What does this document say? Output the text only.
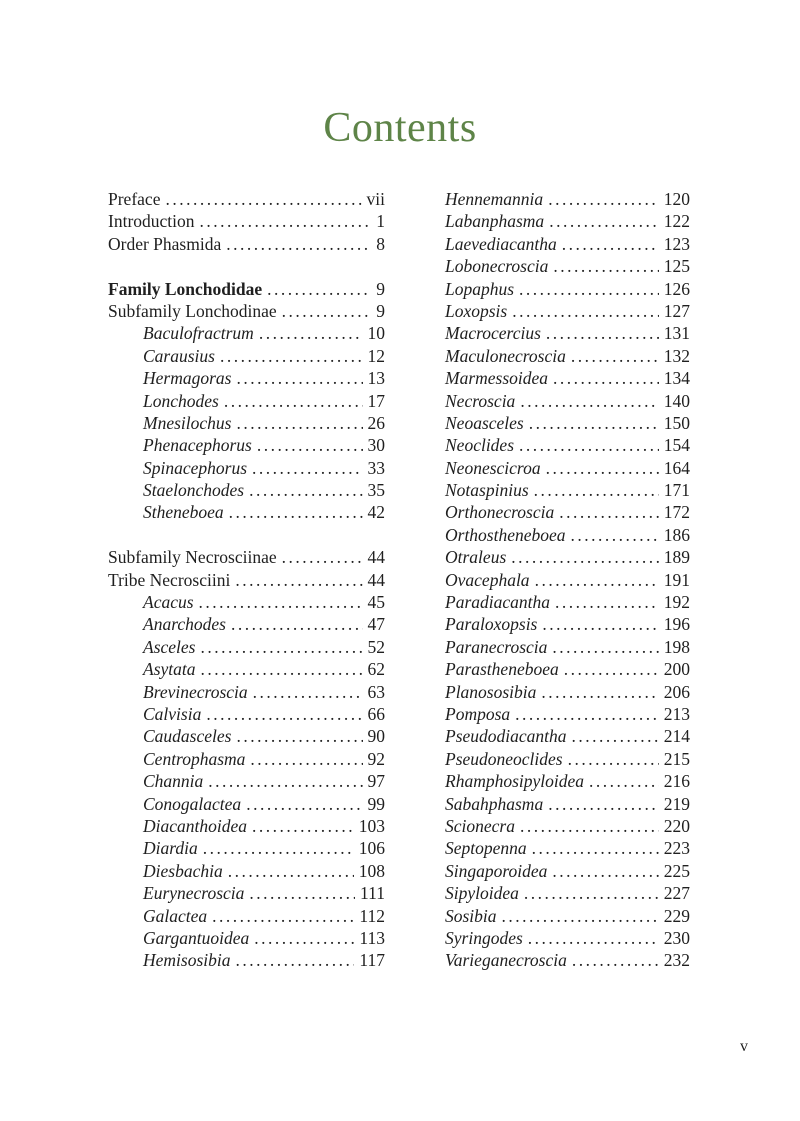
Contents
Preface .....	vii
Introduction .....	1
Order Phasmida .....	8
Family Lonchodidae .....	9
Subfamily Lonchodinae .....	9
Baculofractrum .....	10
Carausius .....	12
Hermagoras .....	13
Lonchodes .....	17
Mnesilochus .....	26
Phenacephorus .....	30
Spinacephorus .....	33
Staelonchodes .....	35
Stheneboea .....	42
Subfamily Necrosciinae .....	44
Tribe Necrosciini .....	44
Acacus .....	45
Anarchodes .....	47
Asceles .....	52
Asytata .....	62
Brevinecroscia .....	63
Calvisia .....	66
Caudasceles .....	90
Centrophasma .....	92
Channia .....	97
Conogalactea .....	99
Diacanthoidea .....	103
Diardia .....	106
Diesbachia .....	108
Eurynecroscia .....	111
Galactea .....	112
Gargantuoidea .....	113
Hemisosibia .....	117
Hennemannia .....	120
Labanphasma .....	122
Laevediacantha .....	123
Lobonecroscia .....	125
Lopaphus .....	126
Loxopsis .....	127
Macrocercius .....	131
Maculonecroscia .....	132
Marmessoidea .....	134
Necroscia .....	140
Neoasceles .....	150
Neoclides .....	154
Neonescicroa .....	164
Notaspinius .....	171
Orthonecroscia .....	172
Orthostheneboea .....	186
Otraleus .....	189
Ovacephala .....	191
Paradiacantha .....	192
Paraloxopsis .....	196
Paranecroscia .....	198
Parastheneboea .....	200
Planososibia .....	206
Pomposa .....	213
Pseudodiacantha .....	214
Pseudoneoclides .....	215
Rhamphosipyloidea .....	216
Sabahphasma .....	219
Scionecra .....	220
Septopenna .....	223
Singaporoidea .....	225
Sipyloidea .....	227
Sosibia .....	229
Syringodes .....	230
Varieganecroscia .....	232
v
